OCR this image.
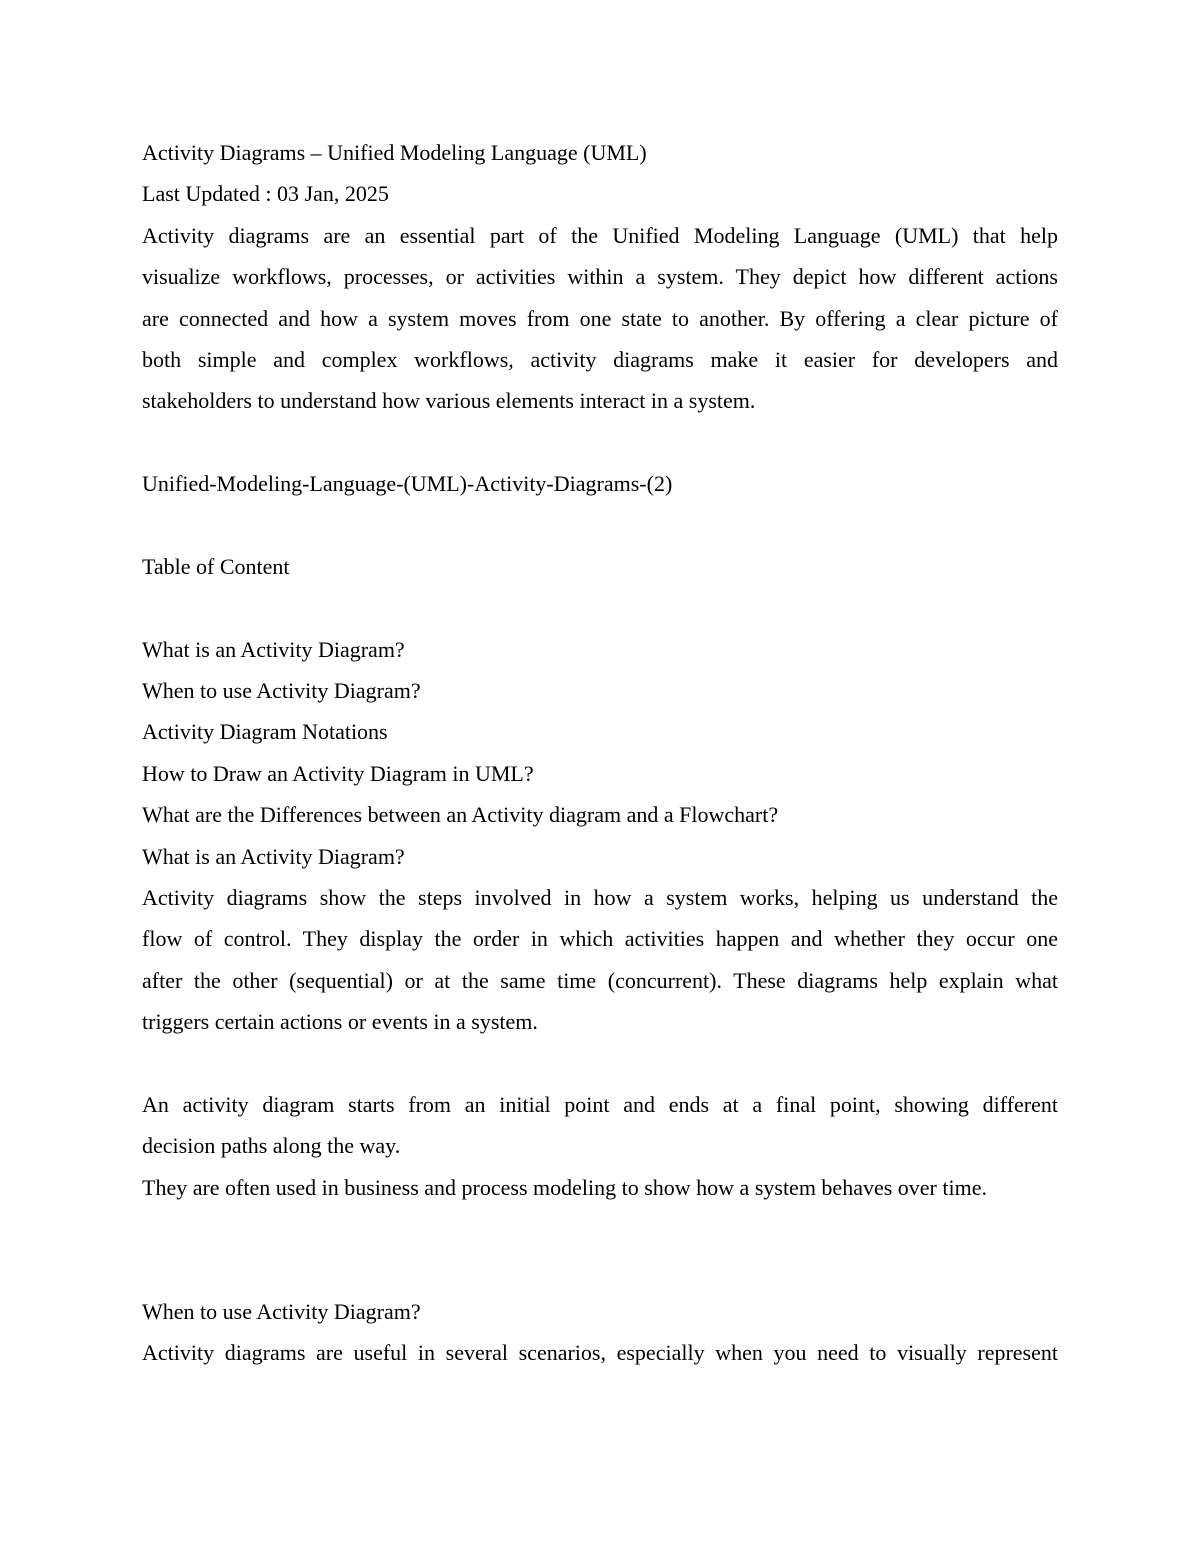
Activity Diagrams – Unified Modeling Language (UML)
Last Updated : 03 Jan, 2025
Activity diagrams are an essential part of the Unified Modeling Language (UML) that help
visualize workflows, processes, or activities within a system. They depict how different actions
are connected and how a system moves from one state to another. By offering a clear picture of
both simple and complex workflows, activity diagrams make it easier for developers and
stakeholders to understand how various elements interact in a system.
Unified-Modeling-Language-(UML)-Activity-Diagrams-(2)
Table of Content
What is an Activity Diagram?
When to use Activity Diagram?
Activity Diagram Notations
How to Draw an Activity Diagram in UML?
What are the Differences between an Activity diagram and a Flowchart?
What is an Activity Diagram?
Activity diagrams show the steps involved in how a system works, helping us understand the
flow of control. They display the order in which activities happen and whether they occur one
after the other (sequential) or at the same time (concurrent). These diagrams help explain what
triggers certain actions or events in a system.
An activity diagram starts from an initial point and ends at a final point, showing different
decision paths along the way.
They are often used in business and process modeling to show how a system behaves over time.
When to use Activity Diagram?
Activity diagrams are useful in several scenarios, especially when you need to visually represent
